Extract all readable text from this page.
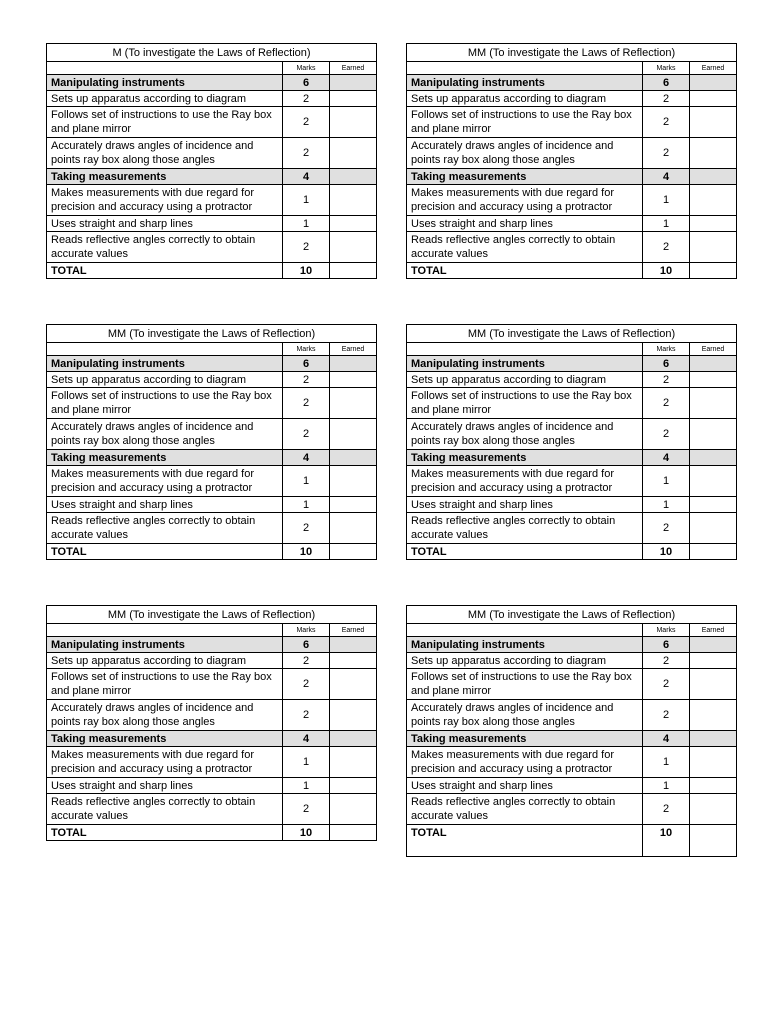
M (To investigate the Laws of Reflection)		
	Marks	Earned
Manipulating instruments	6	
Sets up apparatus according to diagram	2	
Follows set of instructions to use the Ray box and plane mirror	2	
Accurately draws angles of incidence and points ray box along those angles	2	
Taking measurements	4	
Makes measurements with due regard for precision and accuracy using a protractor	1	
Uses straight and sharp lines	1	
Reads reflective angles correctly to obtain accurate values	2	
TOTAL	10	
MM (To investigate the Laws of Reflection)		
	Marks	Earned
Manipulating instruments	6	
Sets up apparatus according to diagram	2	
Follows set of instructions to use the Ray box and plane mirror	2	
Accurately draws angles of incidence and points ray box along those angles	2	
Taking measurements	4	
Makes measurements with due regard for precision and accuracy using a protractor	1	
Uses straight and sharp lines	1	
Reads reflective angles correctly to obtain accurate values	2	
TOTAL	10	
MM (To investigate the Laws of Reflection)		
	Marks	Earned
Manipulating instruments	6	
Sets up apparatus according to diagram	2	
Follows set of instructions to use the Ray box and plane mirror	2	
Accurately draws angles of incidence and points ray box along those angles	2	
Taking measurements	4	
Makes measurements with due regard for precision and accuracy using a protractor	1	
Uses straight and sharp lines	1	
Reads reflective angles correctly to obtain accurate values	2	
TOTAL	10	
MM (To investigate the Laws of Reflection)		
	Marks	Earned
Manipulating instruments	6	
Sets up apparatus according to diagram	2	
Follows set of instructions to use the Ray box and plane mirror	2	
Accurately draws angles of incidence and points ray box along those angles	2	
Taking measurements	4	
Makes measurements with due regard for precision and accuracy using a protractor	1	
Uses straight and sharp lines	1	
Reads reflective angles correctly to obtain accurate values	2	
TOTAL	10	
MM (To investigate the Laws of Reflection)		
	Marks	Earned
Manipulating instruments	6	
Sets up apparatus according to diagram	2	
Follows set of instructions to use the Ray box and plane mirror	2	
Accurately draws angles of incidence and points ray box along those angles	2	
Taking measurements	4	
Makes measurements with due regard for precision and accuracy using a protractor	1	
Uses straight and sharp lines	1	
Reads reflective angles correctly to obtain accurate values	2	
TOTAL	10	
MM (To investigate the Laws of Reflection)		
	Marks	Earned
Manipulating instruments	6	
Sets up apparatus according to diagram	2	
Follows set of instructions to use the Ray box and plane mirror	2	
Accurately draws angles of incidence and points ray box along those angles	2	
Taking measurements	4	
Makes measurements with due regard for precision and accuracy using a protractor	1	
Uses straight and sharp lines	1	
Reads reflective angles correctly to obtain accurate values	2	
TOTAL	10	
